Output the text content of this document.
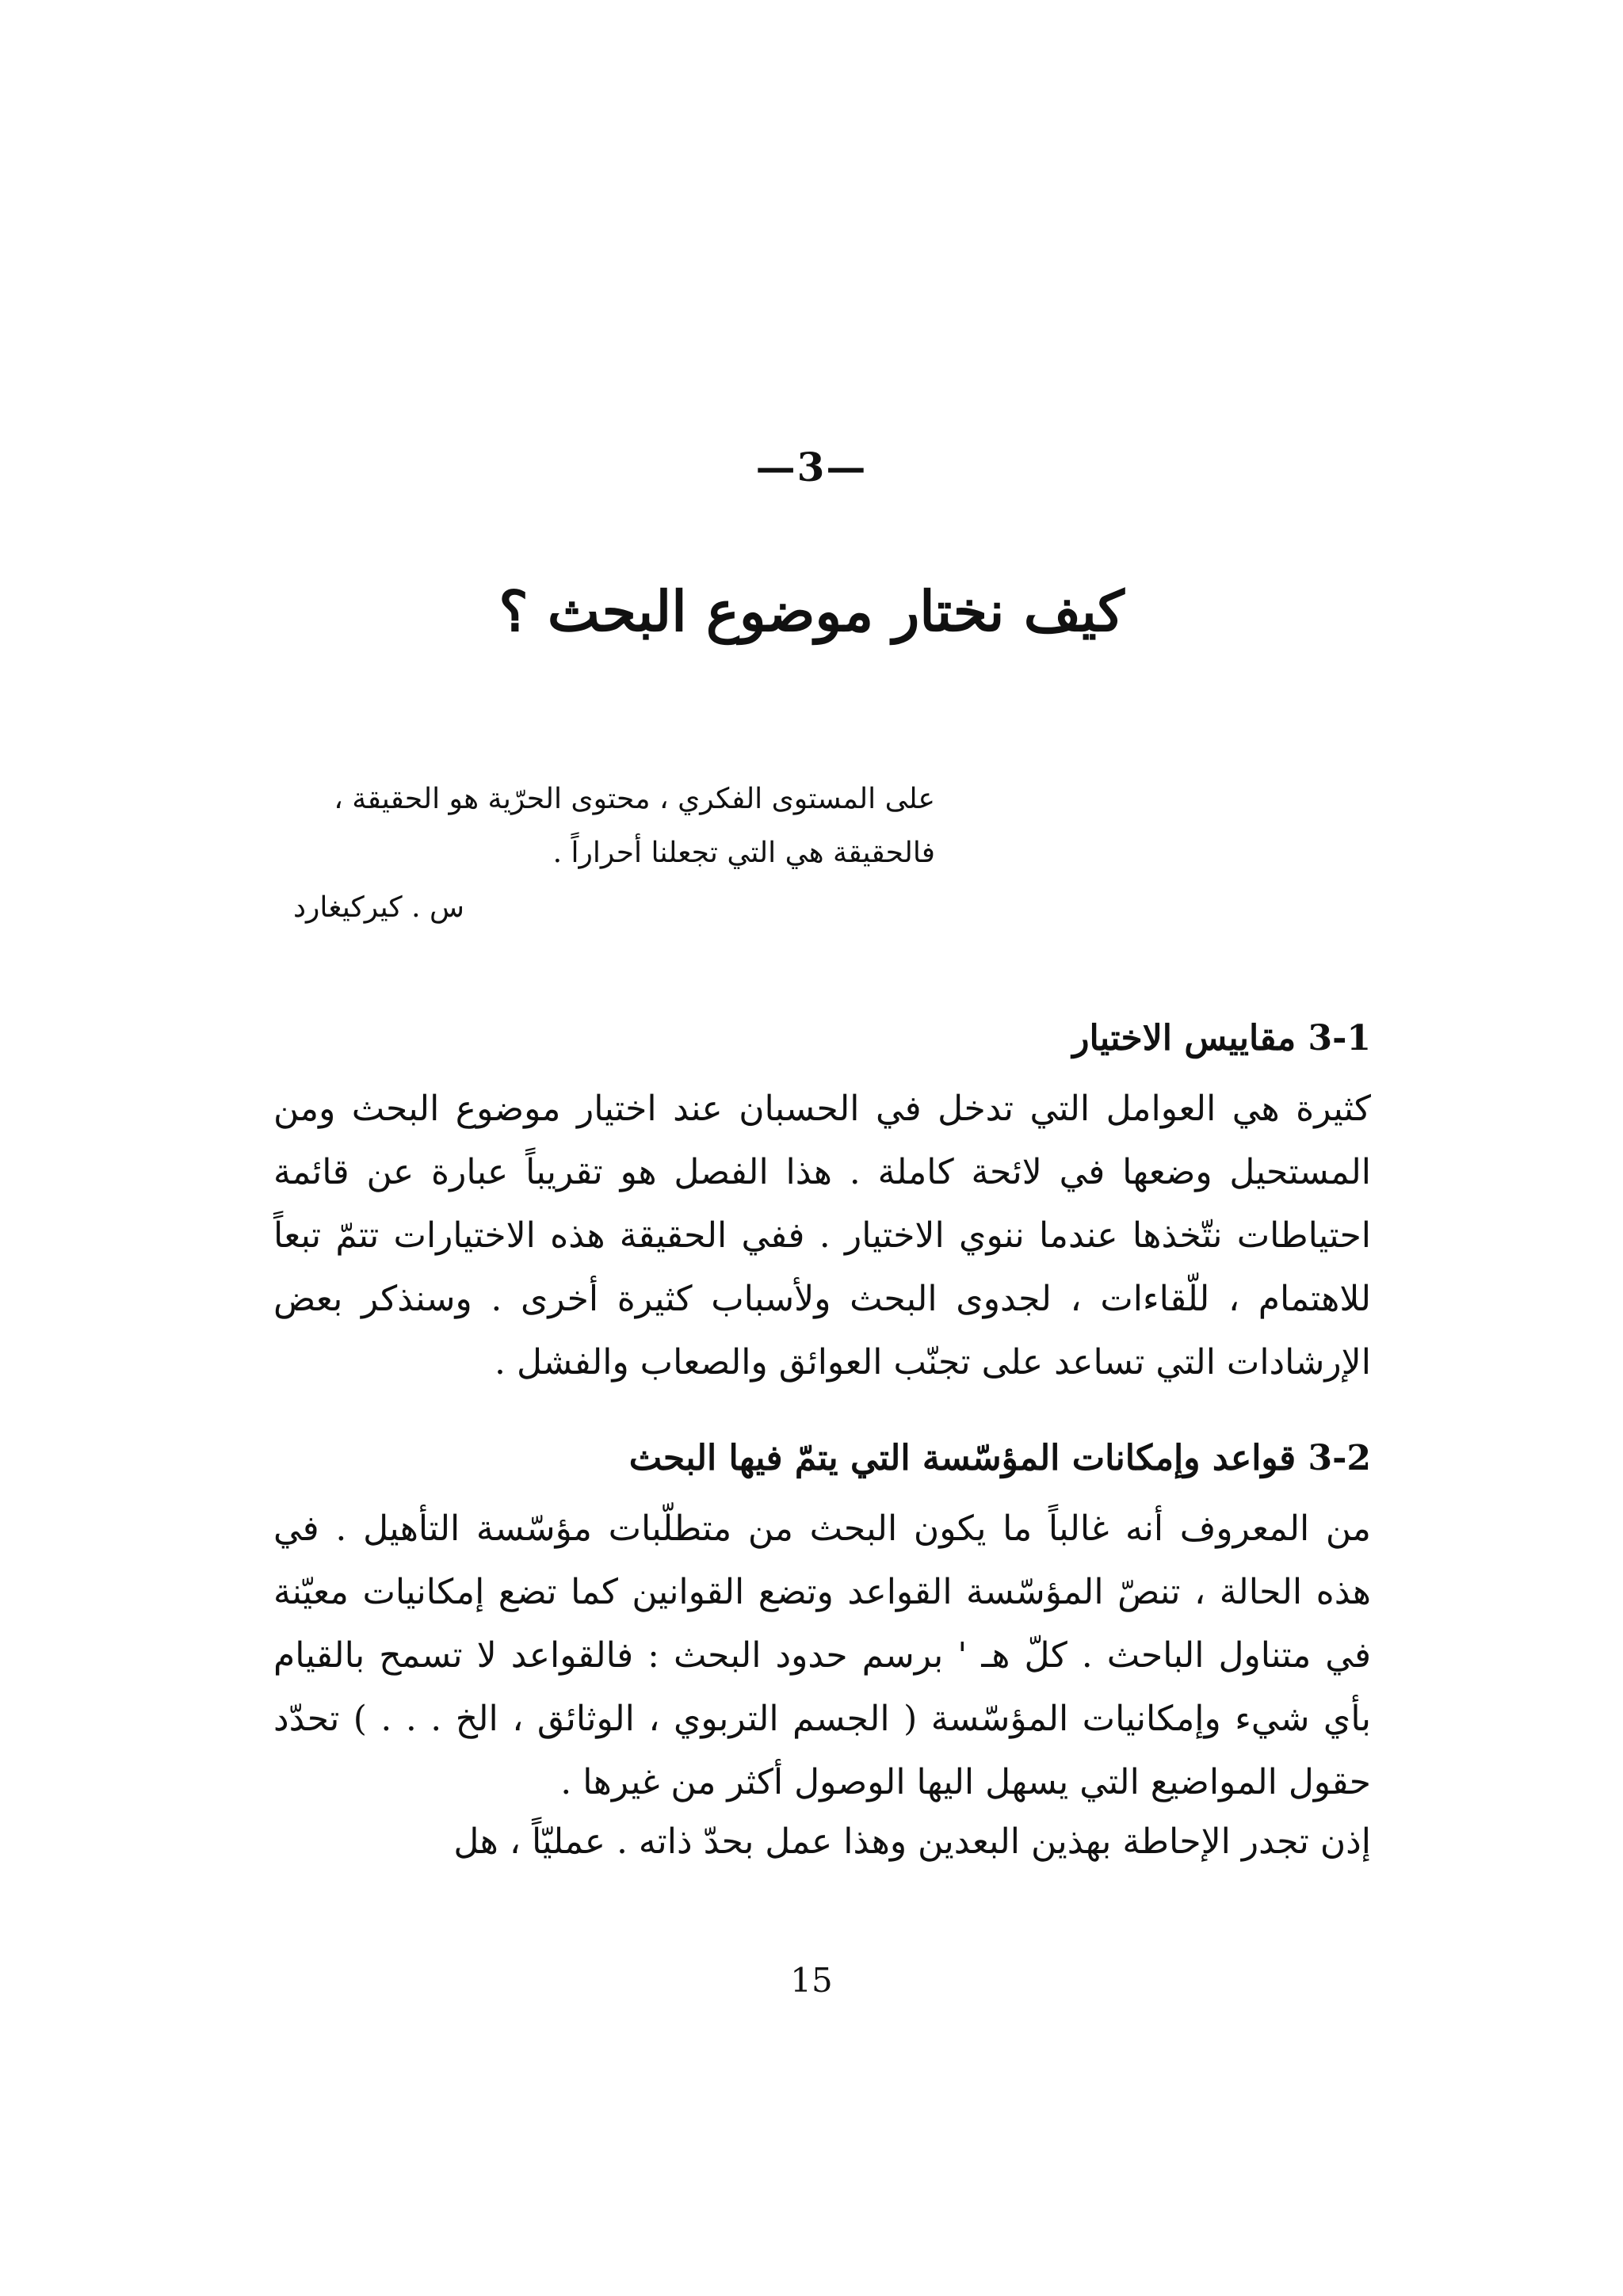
—3—
كيف نختار موضوع البحث ؟
على المستوى الفكري ، محتوى الحرّية هو الحقيقة ، فالحقيقة هي التي تجعلنا أحراراً .
س . كيركيغارد
3-1 مقاييس الاختيار
كثيرة هي العوامل التي تدخل في الحسبان عند اختيار موضوع البحث ومن المستحيل وضعها في لائحة كاملة . هذا الفصل هو تقريباً عبارة عن قائمة احتياطات نتّخذها عندما ننوي الاختيار . ففي الحقيقة هذه الاختيارات تتمّ تبعاً للاهتمام ، للّقاءات ، لجدوى البحث ولأسباب كثيرة أخرى . وسنذكر بعض الإرشادات التي تساعد على تجنّب العوائق والصعاب والفشل .
3-2 قواعد وإمكانات المؤسّسة التي يتمّ فيها البحث
من المعروف أنه غالباً ما يكون البحث من متطلّبات مؤسّسة التأهيل . في هذه الحالة ، تنصّ المؤسّسة القواعد وتضع القوانين كما تضع إمكانيات معيّنة في متناول الباحث . كلّ هـ ' برسم حدود البحث : فالقواعد لا تسمح بالقيام بأي شيء وإمكانيات المؤسّسة ( الجسم التربوي ، الوثائق ، الخ . . . ) تحدّد حقول المواضيع التي يسهل اليها الوصول أكثر من غيرها .
إذن تجدر الإحاطة بهذين البعدين وهذا عمل بحدّ ذاته . عمليّاً ، هل
15
